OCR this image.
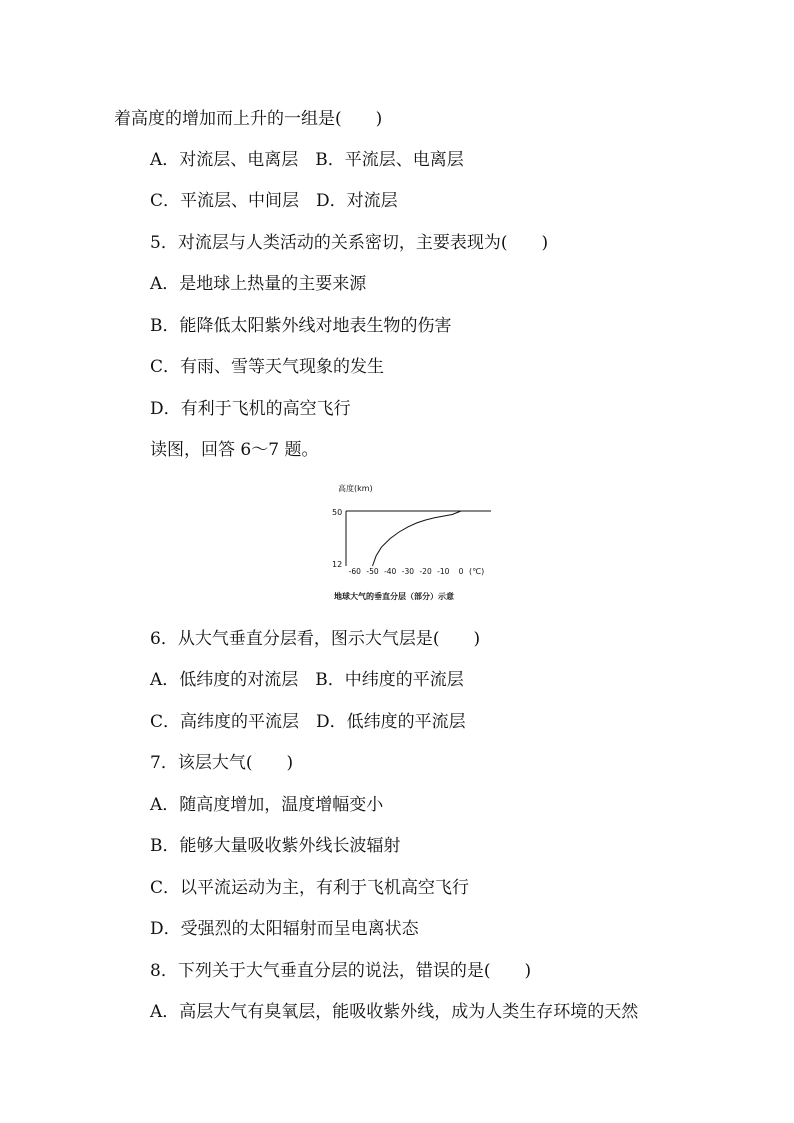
着高度的增加而上升的一组是(　　)
A．对流层、电离层　B．平流层、电离层
C．平流层、中间层　D．对流层
5．对流层与人类活动的关系密切，主要表现为(　　)
A．是地球上热量的主要来源
B．能降低太阳紫外线对地表生物的伤害
C．有雨、雪等天气现象的发生
D．有利于飞机的高空飞行
读图，回答 6～7 题。
高度(km)
50
12
-60 -50 -40 -30 -20 -10 0 (℃)
地球大气的垂直分层（部分）示意
6．从大气垂直分层看，图示大气层是(　　)
A．低纬度的对流层　B．中纬度的平流层
C．高纬度的平流层　D．低纬度的平流层
7．该层大气(　　)
A．随高度增加，温度增幅变小
B．能够大量吸收紫外线长波辐射
C．以平流运动为主，有利于飞机高空飞行
D．受强烈的太阳辐射而呈电离状态
8．下列关于大气垂直分层的说法，错误的是(　　)
A．高层大气有臭氧层，能吸收紫外线，成为人类生存环境的天然
